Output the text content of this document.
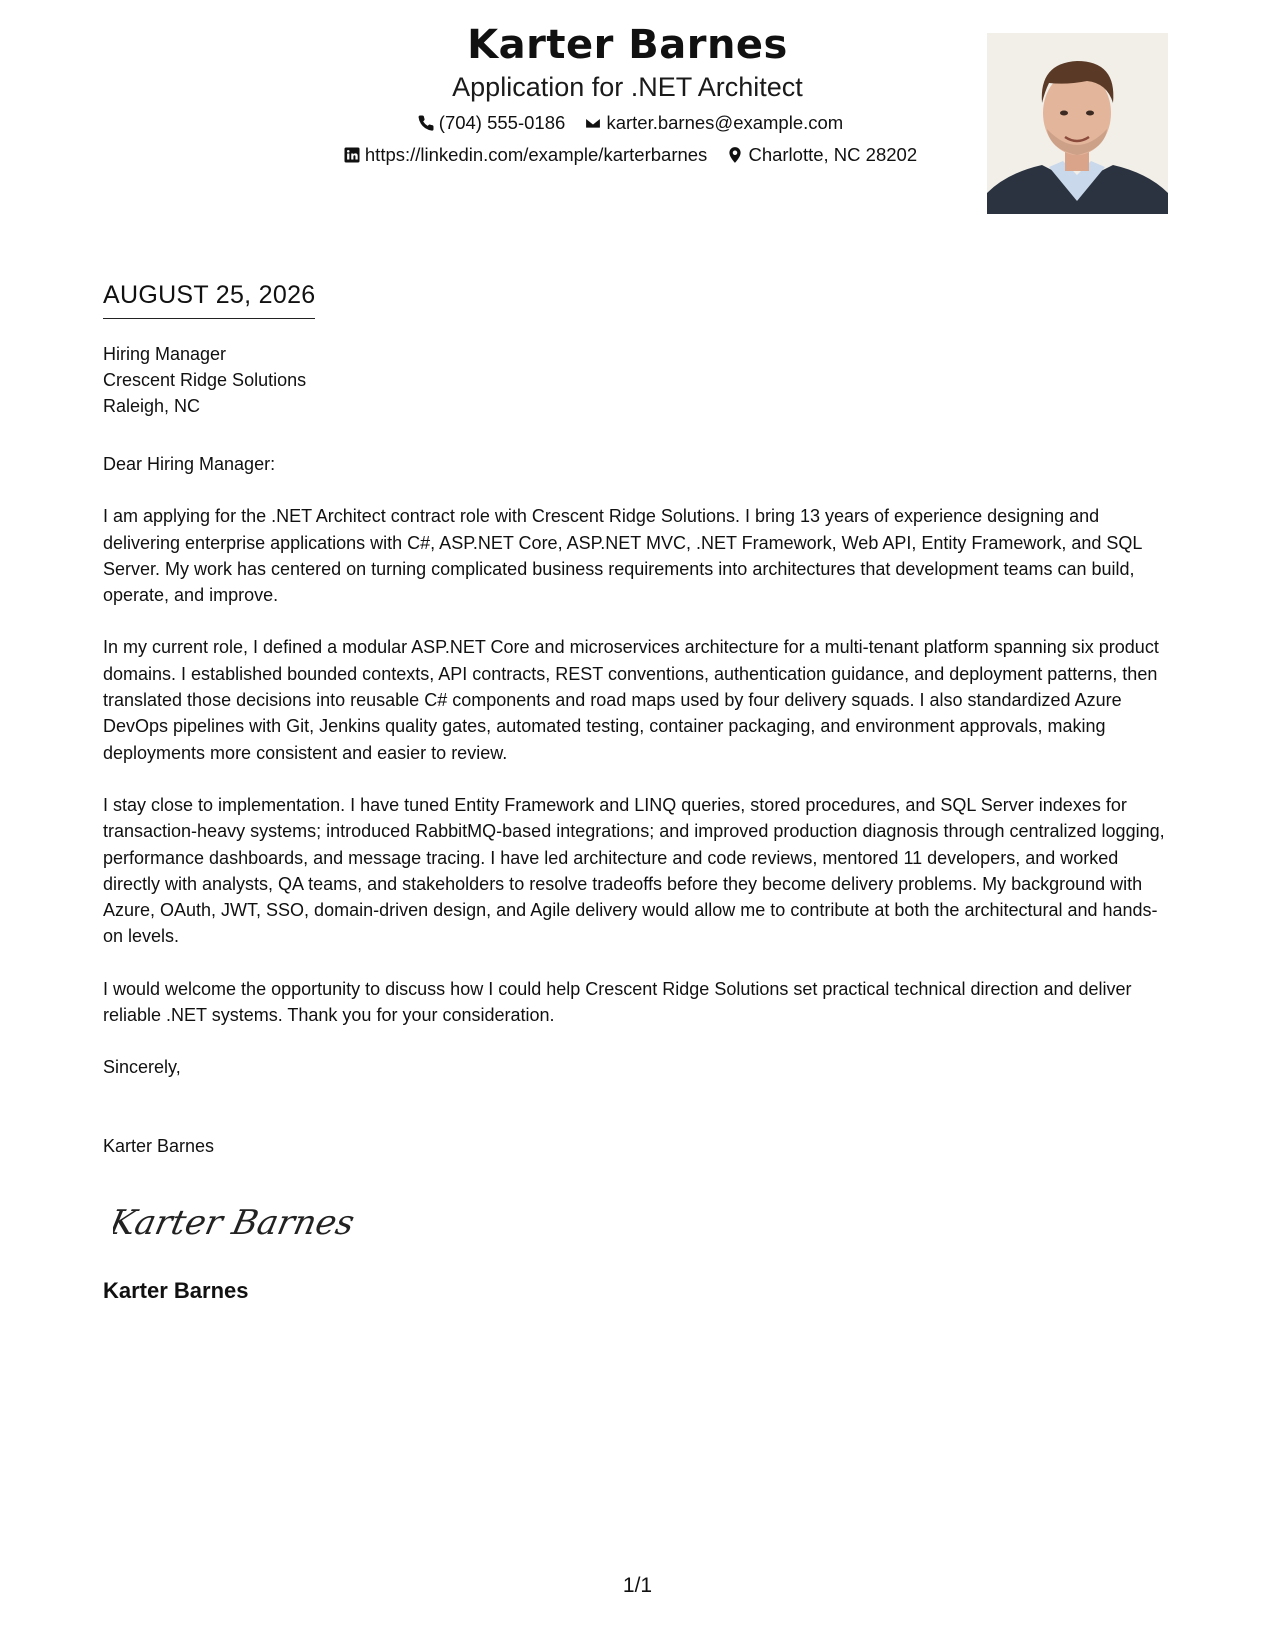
Karter Barnes
Application for .NET Architect
(704) 555-0186
karter.barnes@example.com
https://linkedin.com/example/karterbarnes
Charlotte, NC 28202
AUGUST 25, 2026
Hiring Manager
Crescent Ridge Solutions
Raleigh, NC

Dear Hiring Manager:

I am applying for the .NET Architect contract role with Crescent Ridge Solutions. I bring 13 years of experience designing and delivering enterprise applications with C#, ASP.NET Core, ASP.NET MVC, .NET Framework, Web API, Entity Framework, and SQL Server. My work has centered on turning complicated business requirements into architectures that development teams can build, operate, and improve.

In my current role, I defined a modular ASP.NET Core and microservices architecture for a multi-tenant platform spanning six product domains. I established bounded contexts, API contracts, REST conventions, authentication guidance, and deployment patterns, then translated those decisions into reusable C# components and road maps used by four delivery squads. I also standardized Azure DevOps pipelines with Git, Jenkins quality gates, automated testing, container packaging, and environment approvals, making deployments more consistent and easier to review.

I stay close to implementation. I have tuned Entity Framework and LINQ queries, stored procedures, and SQL Server indexes for transaction-heavy systems; introduced RabbitMQ-based integrations; and improved production diagnosis through centralized logging, performance dashboards, and message tracing. I have led architecture and code reviews, mentored 11 developers, and worked directly with analysts, QA teams, and stakeholders to resolve tradeoffs before they become delivery problems. My background with Azure, OAuth, JWT, SSO, domain-driven design, and Agile delivery would allow me to contribute at both the architectural and hands-on levels.

I would welcome the opportunity to discuss how I could help Crescent Ridge Solutions set practical technical direction and deliver reliable .NET systems. Thank you for your consideration.

Sincerely,

Karter Barnes

Karter Barnes
Karter Barnes
1/1
